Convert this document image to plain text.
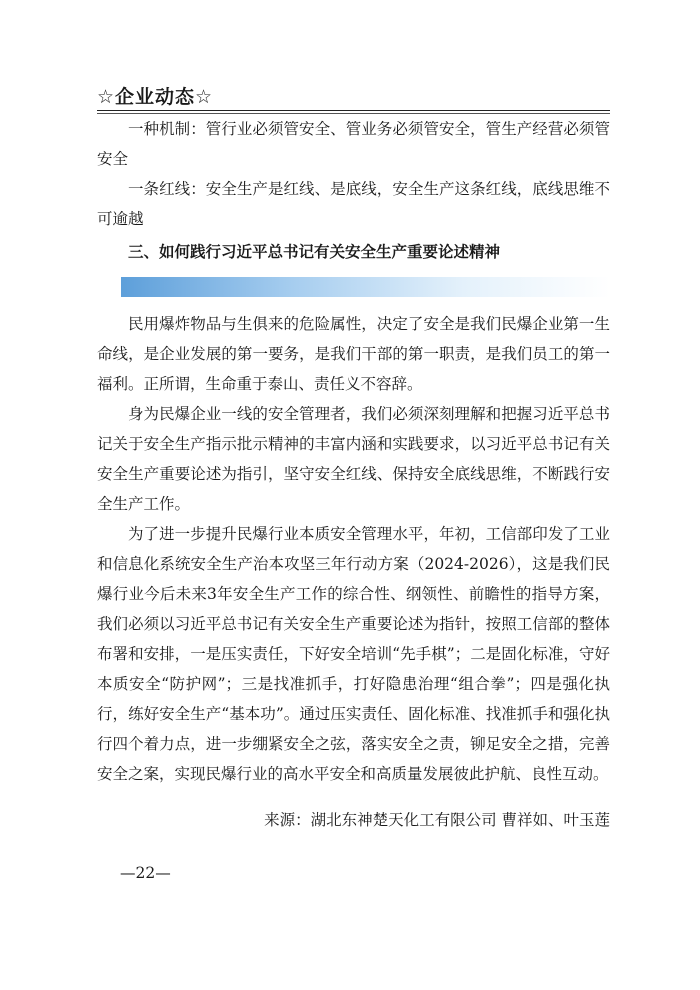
☆企业动态☆

一种机制：管行业必须管安全、管业务必须管安全，管生产经营必须管安全

一条红线：安全生产是红线、是底线，安全生产这条红线，底线思维不可逾越

三、如何践行习近平总书记有关安全生产重要论述精神

民用爆炸物品与生俱来的危险属性，决定了安全是我们民爆企业第一生命线，是企业发展的第一要务，是我们干部的第一职责，是我们员工的第一福利。正所谓，生命重于泰山、责任义不容辞。

身为民爆企业一线的安全管理者，我们必须深刻理解和把握习近平总书记关于安全生产指示批示精神的丰富内涵和实践要求，以习近平总书记有关安全生产重要论述为指引，坚守安全红线、保持安全底线思维，不断践行安全生产工作。

为了进一步提升民爆行业本质安全管理水平，年初，工信部印发了工业和信息化系统安全生产治本攻坚三年行动方案（2024-2026），这是我们民爆行业今后未来3年安全生产工作的综合性、纲领性、前瞻性的指导方案，我们必须以习近平总书记有关安全生产重要论述为指针，按照工信部的整体布署和安排，一是压实责任，下好安全培训“先手棋”；二是固化标准，守好本质安全“防护网”；三是找准抓手，打好隐患治理“组合拳”；四是强化执行，练好安全生产“基本功”。通过压实责任、固化标准、找准抓手和强化执行四个着力点，进一步绷紧安全之弦，落实安全之责，铆足安全之措，完善安全之案，实现民爆行业的高水平安全和高质量发展彼此护航、良性互动。

来源：湖北东神楚天化工有限公司 曹祥如、叶玉莲

—22—
